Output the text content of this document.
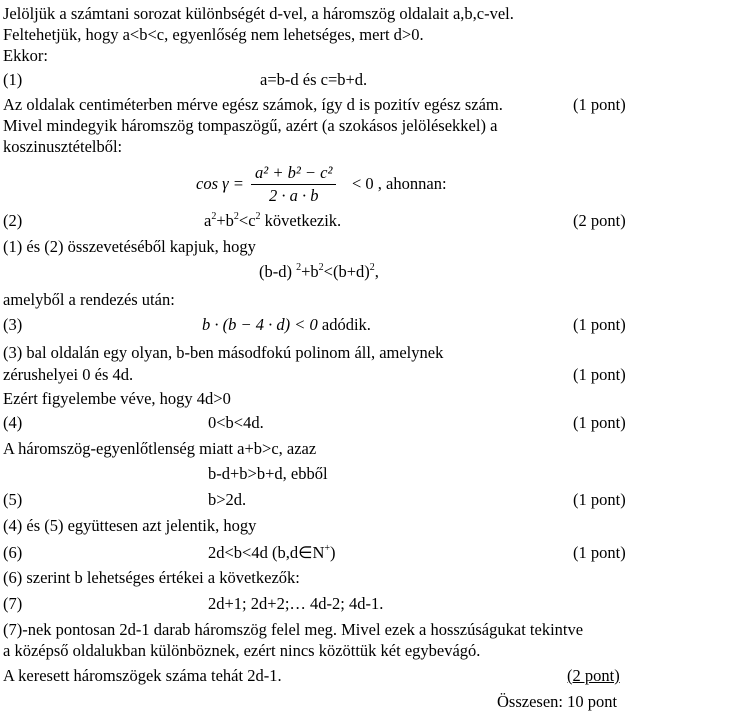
Jelöljük a számtani sorozat különbségét d-vel, a háromszög oldalait a,b,c-vel.
Feltehetjük, hogy a<b<c, egyenlőség nem lehetséges, mert d>0.
Ekkor:
(1)	a=b-d és c=b+d.
Az oldalak centiméterben mérve egész számok, így d is pozitív egész szám.	(1 pont)
Mivel mindegyik háromszög tompaszögű, azért (a szokásos jelölésekkel) a
koszinusztételből:
$\cos \gamma = \frac{\text{a² + b² − c²}}{2 \cdot a \cdot b} < 0$ , ahonnan:
(2)	$a^2+b^2<c^2$ következik.	(2 pont)
(1) és (2) összevetéséből kapjuk, hogy
(b-d) $^2+b^2<(b+d)^2$,
amelyből a rendezés után:
(3)	b · (b − 4 · d) < 0 adódik.	(1 pont)
(3) bal oldalán egy olyan, b-ben másodfokú polinom áll, amelynek
zérushelyei 0 és 4d.	(1 pont)
Ezért figyelembe véve, hogy 4d>0
(4)	0<b<4d.	(1 pont)
A háromszög-egyenlőtlenség miatt a+b>c, azaz
b-d+b>b+d, ebből
(5)	b>2d.	(1 pont)
(4) és (5) együttesen azt jelentik, hogy
(6)	2d<b<4d (b,d∈N+)	(1 pont)
(6) szerint b lehetséges értékei a következők:
(7)	2d+1; 2d+2;… 4d-2; 4d-1.
(7)-nek pontosan 2d-1 darab háromszög felel meg. Mivel ezek a hosszúságukat tekintve
a középső oldalukban különböznek, ezért nincs közöttük két egybevágó.
A keresett háromszögek száma tehát 2d-1.	(2 pont)
Összesen: 10 pont
